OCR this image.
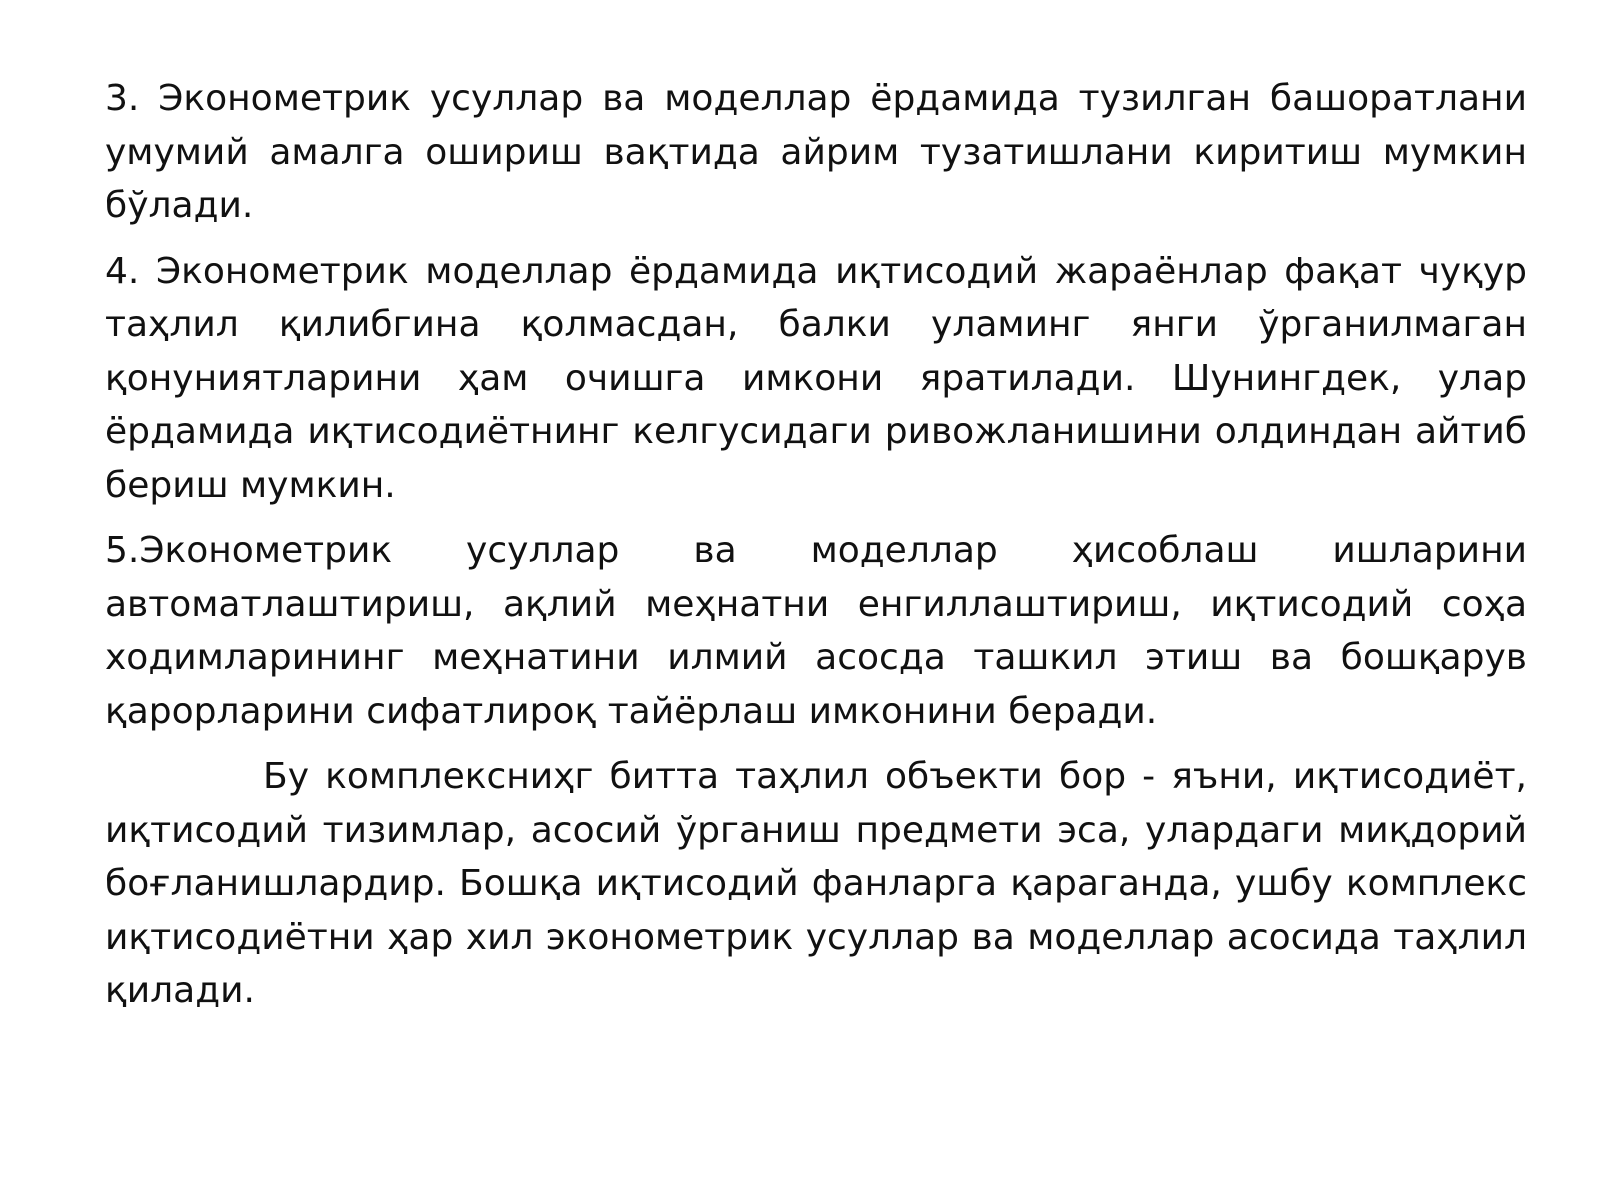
3. Эконометрик усуллар ва моделлар ёрдамида тузилган башоратлани умумий амалга ошириш вақтида айрим тузатишлани киритиш мумкин бўлади.

4. Эконометрик моделлар ёрдамида иқтисодий жараёнлар фақат чуқур таҳлил қилибгина қолмасдан, балки уламинг янги ўрганилмаган қонуниятларини ҳам очишга имкони яратилади. Шунингдек, улар ёрдамида иқтисодиётнинг келгусидаги ривожланишини олдиндан айтиб бериш мумкин.

5.Эконометрик усуллар ва моделлар ҳисоблаш ишларини автоматлаштириш, ақлий меҳнатни енгиллаштириш, иқтисодий соҳа ходимларининг меҳнатини илмий асосда ташкил этиш ва бошқарув қарорларини сифатлироқ тайёрлаш имконини беради.

Бу комплексниҳг битта таҳлил объекти бор - яъни, иқтисодиёт, иқтисодий тизимлар, асосий ўрганиш предмети эса, улардаги миқдорий боғланишлардир. Бошқа иқтисодий фанларга қараганда, ушбу комплекс иқтисодиётни ҳар хил эконометрик усуллар ва моделлар асосида таҳлил қилади.
